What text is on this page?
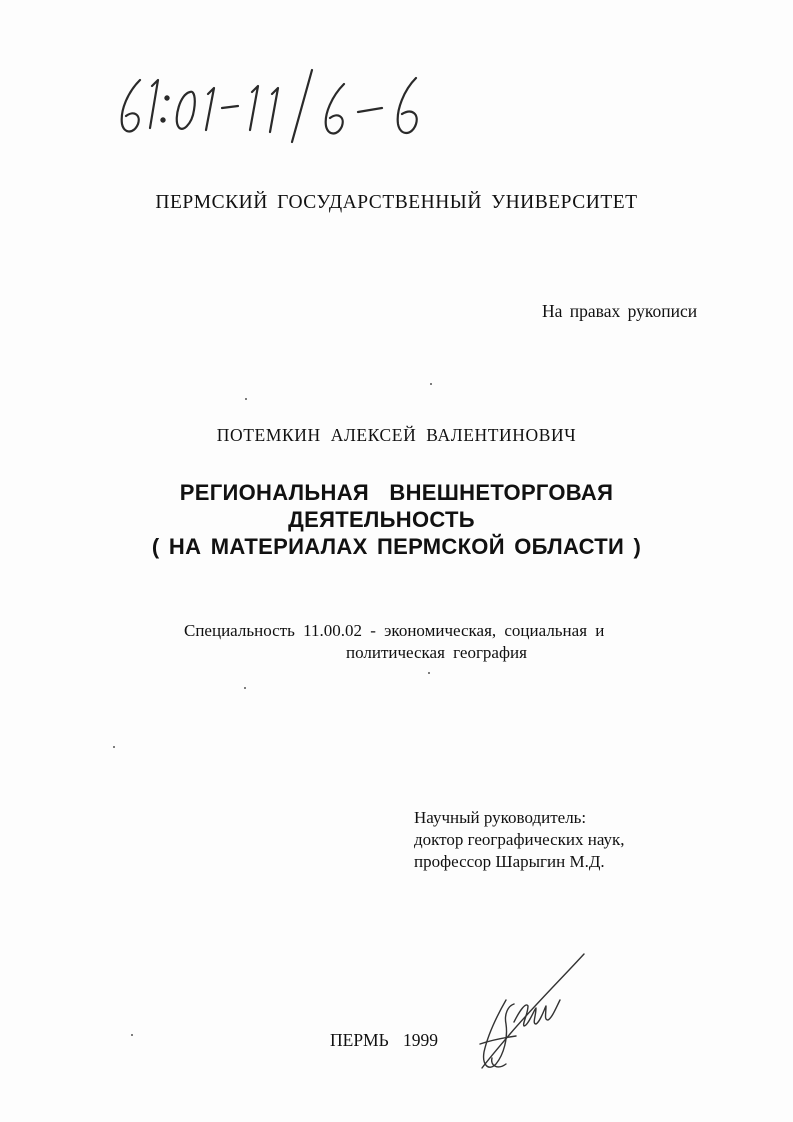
ПЕРМСКИЙ ГОСУДАРСТВЕННЫЙ УНИВЕРСИТЕТ
На правах рукописи
ПОТЕМКИН АЛЕКСЕЙ ВАЛЕНТИНОВИЧ
РЕГИОНАЛЬНАЯ ВНЕШНЕТОРГОВАЯ
ДЕЯТЕЛЬНОСТЬ
( НА МАТЕРИАЛАХ ПЕРМСКОЙ ОБЛАСТИ )
Специальность 11.00.02 - экономическая, социальная и
политическая география
Научный руководитель:
доктор географических наук,
профессор Шарыгин М.Д.
ПЕРМЬ 1999
